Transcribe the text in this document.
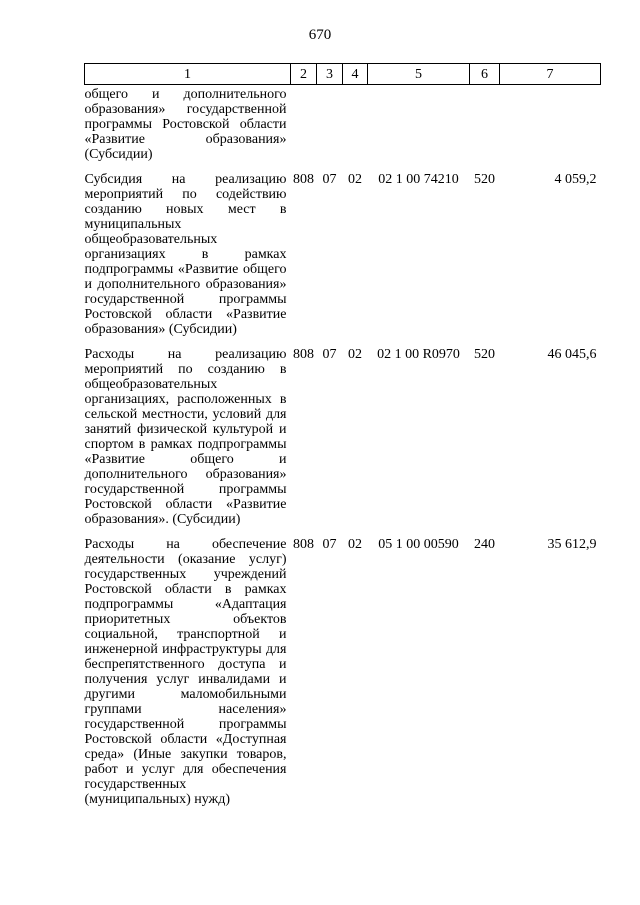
670
1	2	3	4	5	6	7
общего и дополнительного образования» государственной программы Ростовской области «Развитие образования» (Субсидии)						
Субсидия на реализацию мероприятий по содействию созданию новых мест в муниципальных общеобразовательных организациях в рамках подпрограммы «Развитие общего и дополнительного образования» государственной программы Ростовской области «Развитие образования» (Субсидии)	808	07	02	02 1 00 74210	520	4 059,2
Расходы на реализацию мероприятий по созданию в общеобразовательных организациях, расположенных в сельской местности, условий для занятий физической культурой и спортом в рамках подпрограммы «Развитие общего и дополнительного образования» государственной программы Ростовской области «Развитие образования». (Субсидии)	808	07	02	02 1 00 R0970	520	46 045,6
Расходы на обеспечение деятельности (оказание услуг) государственных учреждений Ростовской области в рамках подпрограммы «Адаптация приоритетных объектов социальной, транспортной и инженерной инфраструктуры для беспрепятственного доступа и получения услуг инвалидами и другими маломобильными группами населения» государственной программы Ростовской области «Доступная среда» (Иные закупки товаров, работ и услуг для обеспечения государственных (муниципальных) нужд)	808	07	02	05 1 00 00590	240	35 612,9
